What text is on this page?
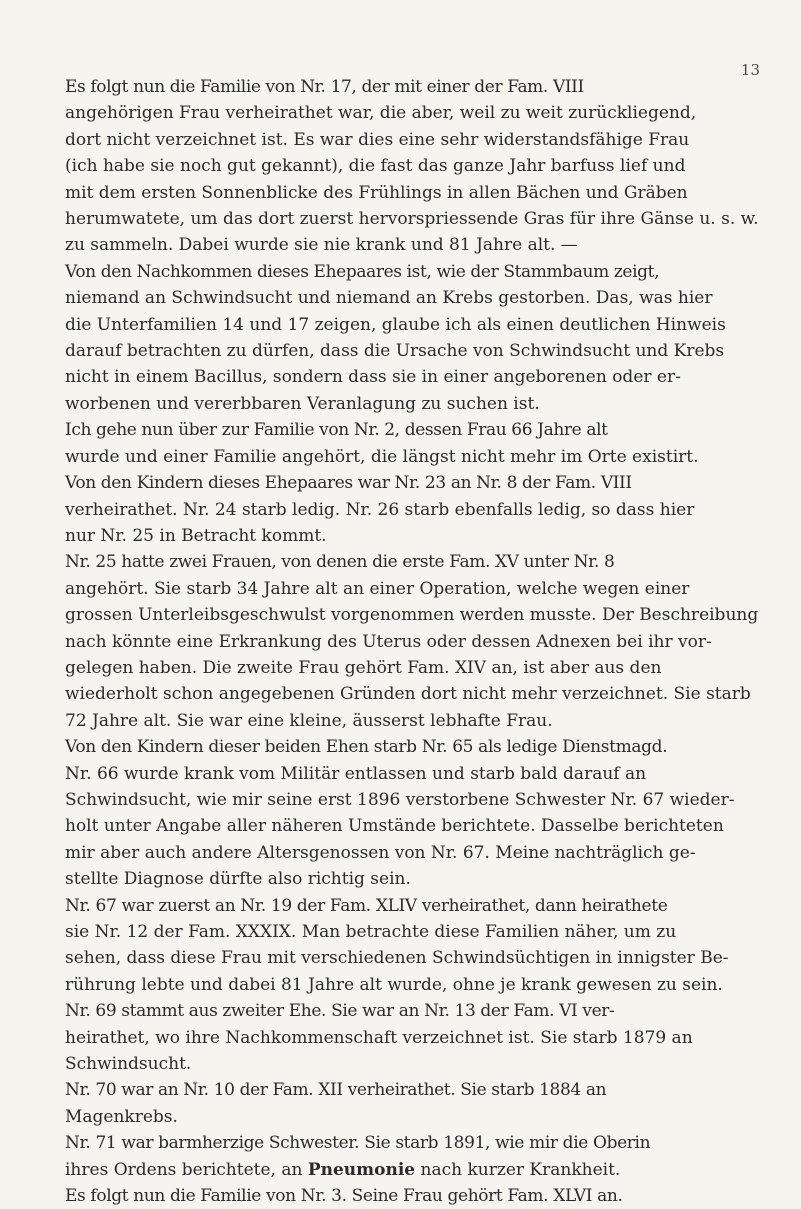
13

Es folgt nun die Familie von Nr. 17, der mit einer der Fam. VIII
angehörigen Frau verheirathet war, die aber, weil zu weit zurückliegend,
dort nicht verzeichnet ist. Es war dies eine sehr widerstandsfähige Frau
(ich habe sie noch gut gekannt), die fast das ganze Jahr barfuss lief und
mit dem ersten Sonnenblicke des Frühlings in allen Bächen und Gräben
herumwatete, um das dort zuerst hervorspriessende Gras für ihre Gänse u. s. w.
zu sammeln. Dabei wurde sie nie krank und 81 Jahre alt. —

Von den Nachkommen dieses Ehepaares ist, wie der Stammbaum zeigt,
niemand an Schwindsucht und niemand an Krebs gestorben. Das, was hier
die Unterfamilien 14 und 17 zeigen, glaube ich als einen deutlichen Hinweis
darauf betrachten zu dürfen, dass die Ursache von Schwindsucht und Krebs
nicht in einem Bacillus, sondern dass sie in einer angeborenen oder er-
worbenen und vererbbaren Veranlagung zu suchen ist.

Ich gehe nun über zur Familie von Nr. 2, dessen Frau 66 Jahre alt
wurde und einer Familie angehört, die längst nicht mehr im Orte existirt.

Von den Kindern dieses Ehepaares war Nr. 23 an Nr. 8 der Fam. VIII
verheirathet. Nr. 24 starb ledig. Nr. 26 starb ebenfalls ledig, so dass hier
nur Nr. 25 in Betracht kommt.

Nr. 25 hatte zwei Frauen, von denen die erste Fam. XV unter Nr. 8
angehört. Sie starb 34 Jahre alt an einer Operation, welche wegen einer
grossen Unterleibsgeschwulst vorgenommen werden musste. Der Beschreibung
nach könnte eine Erkrankung des Uterus oder dessen Adnexen bei ihr vor-
gelegen haben. Die zweite Frau gehört Fam. XIV an, ist aber aus den
wiederholt schon angegebenen Gründen dort nicht mehr verzeichnet. Sie starb
72 Jahre alt. Sie war eine kleine, äusserst lebhafte Frau.

Von den Kindern dieser beiden Ehen starb Nr. 65 als ledige Dienstmagd.
Nr. 66 wurde krank vom Militär entlassen und starb bald darauf an
Schwindsucht, wie mir seine erst 1896 verstorbene Schwester Nr. 67 wieder-
holt unter Angabe aller näheren Umstände berichtete. Dasselbe berichteten
mir aber auch andere Altersgenossen von Nr. 67. Meine nachträglich ge-
stellte Diagnose dürfte also richtig sein.

Nr. 67 war zuerst an Nr. 19 der Fam. XLIV verheirathet, dann heirathete
sie Nr. 12 der Fam. XXXIX. Man betrachte diese Familien näher, um zu
sehen, dass diese Frau mit verschiedenen Schwindsüchtigen in innigster Be-
rührung lebte und dabei 81 Jahre alt wurde, ohne je krank gewesen zu sein.

Nr. 69 stammt aus zweiter Ehe. Sie war an Nr. 13 der Fam. VI ver-
heirathet, wo ihre Nachkommenschaft verzeichnet ist. Sie starb 1879 an
Schwindsucht.

Nr. 70 war an Nr. 10 der Fam. XII verheirathet. Sie starb 1884 an
Magenkrebs.

Nr. 71 war barmherzige Schwester. Sie starb 1891, wie mir die Oberin
ihres Ordens berichtete, an Pneumonie nach kurzer Krankheit.

Es folgt nun die Familie von Nr. 3. Seine Frau gehört Fam. XLVI an.
